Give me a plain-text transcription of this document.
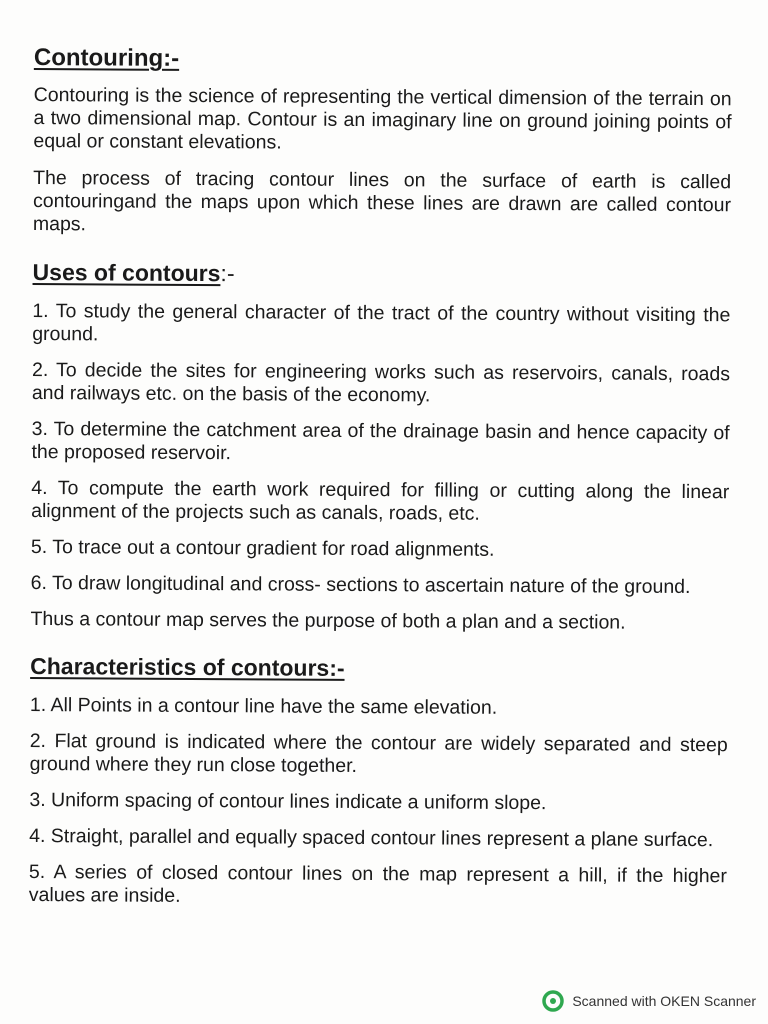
Contouring:-

Contouring is the science of representing the vertical dimension of the terrain on a two dimensional map. Contour is an imaginary line on ground joining points of equal or constant elevations.

The process of tracing contour lines on the surface of earth is called contouringand the maps upon which these lines are drawn are called contour maps.

Uses of contours:-

1. To study the general character of the tract of the country without visiting the ground.

2. To decide the sites for engineering works such as reservoirs, canals, roads and railways etc. on the basis of the economy.

3. To determine the catchment area of the drainage basin and hence capacity of the proposed reservoir.

4. To compute the earth work required for filling or cutting along the linear alignment of the projects such as canals, roads, etc.

5. To trace out a contour gradient for road alignments.

6. To draw longitudinal and cross- sections to ascertain nature of the ground.

Thus a contour map serves the purpose of both a plan and a section.

Characteristics of contours:-

1. All Points in a contour line have the same elevation.

2. Flat ground is indicated where the contour are widely separated and steep ground where they run close together.

3. Uniform spacing of contour lines indicate a uniform slope.

4. Straight, parallel and equally spaced contour lines represent a plane surface.

5. A series of closed contour lines on the map represent a hill, if the higher values are inside.

Scanned with OKEN Scanner
